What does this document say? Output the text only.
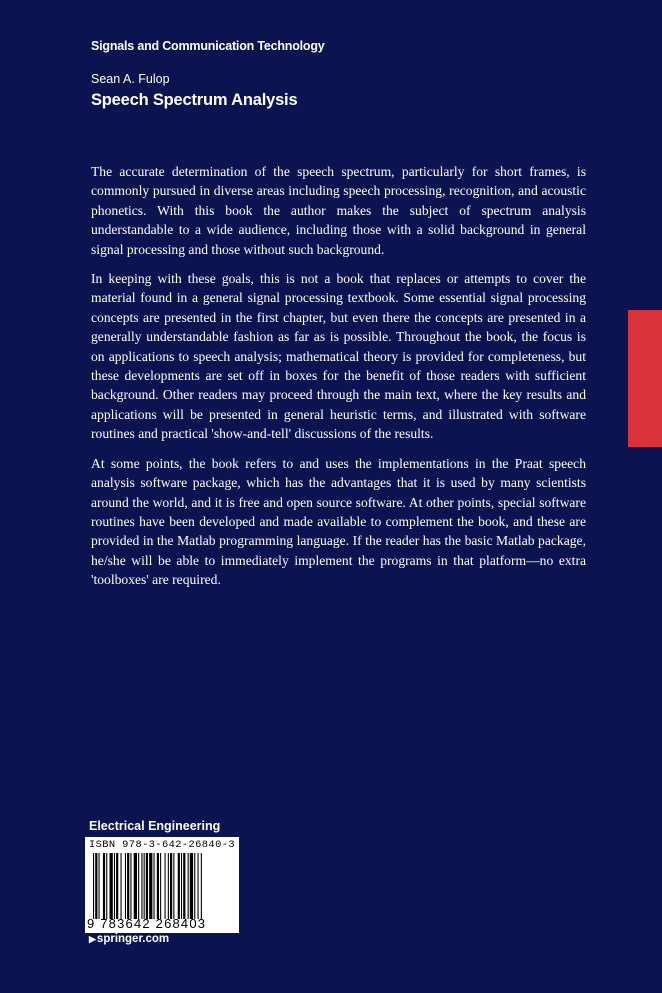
Signals and Communication Technology
Sean A. Fulop
Speech Spectrum Analysis

The accurate determination of the speech spectrum, particularly for short frames, is commonly pursued in diverse areas including speech processing, recognition, and acoustic phonetics. With this book the author makes the subject of spectrum analysis understandable to a wide audience, including those with a solid background in general signal processing and those without such background.

In keeping with these goals, this is not a book that replaces or attempts to cover the material found in a general signal processing textbook. Some essential signal processing concepts are presented in the first chapter, but even there the concepts are presented in a generally understandable fashion as far as is possible. Throughout the book, the focus is on applications to speech analysis; mathematical theory is provided for completeness, but these developments are set off in boxes for the benefit of those readers with sufficient background. Other readers may proceed through the main text, where the key results and applications will be presented in general heuristic terms, and illustrated with software routines and practical 'show-and-tell' discussions of the results.

At some points, the book refers to and uses the implementations in the Praat speech analysis software package, which has the advantages that it is used by many scientists around the world, and it is free and open source software. At other points, special software routines have been developed and made available to complement the book, and these are provided in the Matlab programming language. If the reader has the basic Matlab package, he/she will be able to immediately implement the programs in that platform—no extra 'toolboxes' are required.

Electrical Engineering
ISBN 978-3-642-26840-3
9 783642 268403
▶springer.com
